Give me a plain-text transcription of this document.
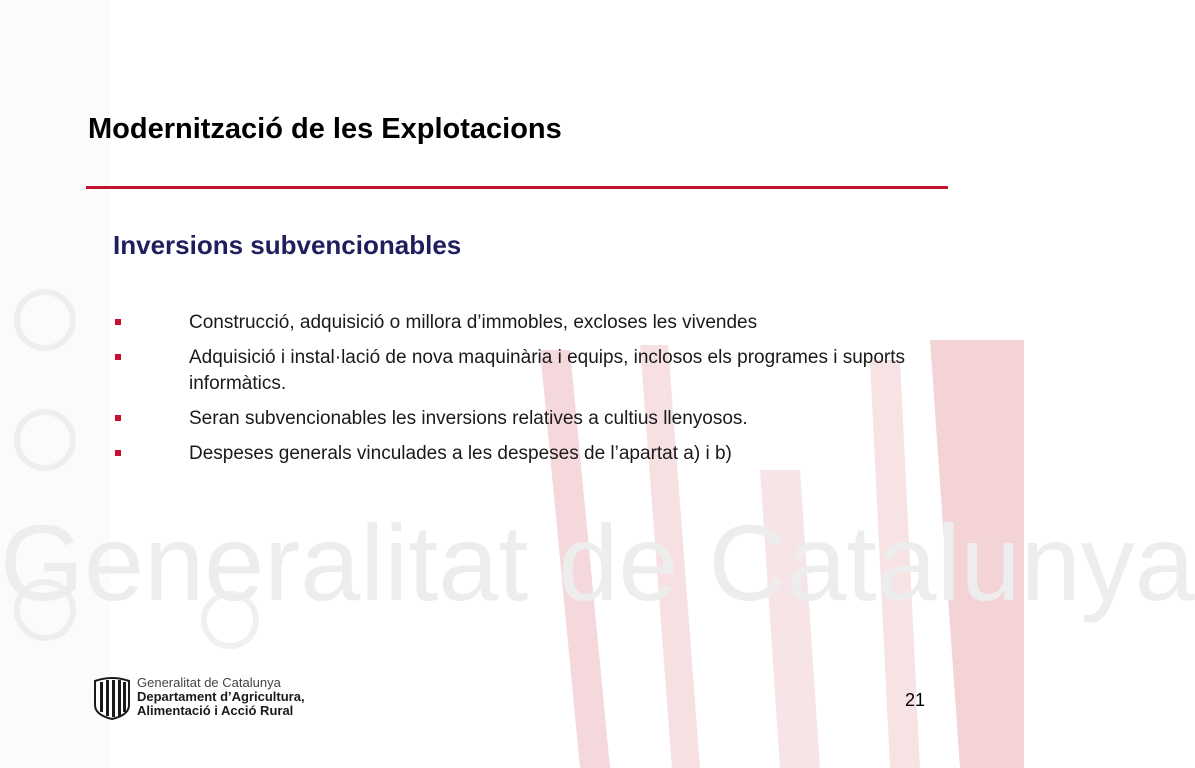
Generalitat de Catalunya
Modernització de les Explotacions
Inversions subvencionables
Construcció, adquisició o millora d’immobles, excloses les vivendes
Adquisició i instal·lació de nova maquinària i equips, inclosos els programes i suports informàtics.
Seran subvencionables les inversions relatives a cultius llenyosos.
Despeses generals vinculades a les despeses de l’apartat a) i b)
Generalitat de Catalunya
Departament d’Agricultura,
Alimentació i Acció Rural
21
